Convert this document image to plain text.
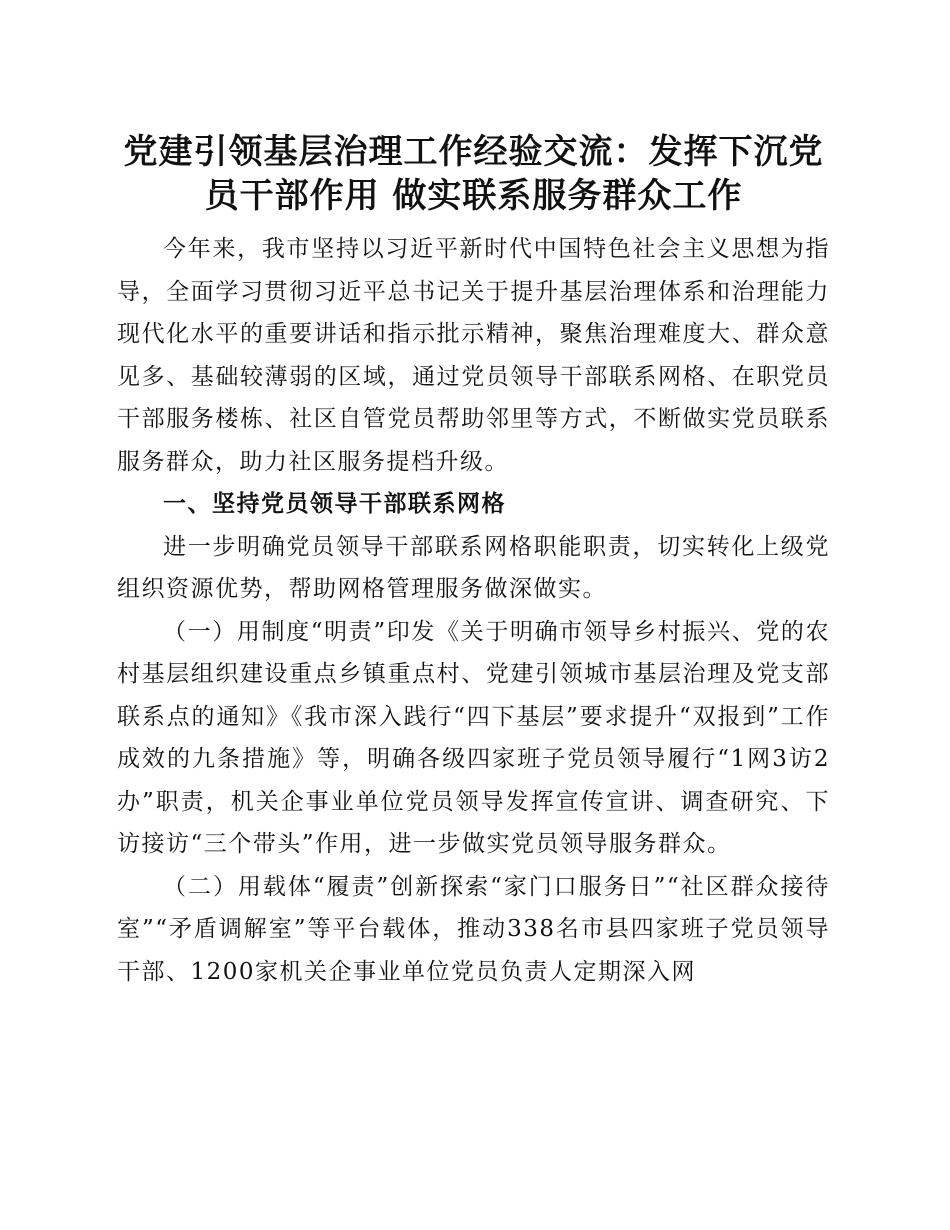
党建引领基层治理工作经验交流：发挥下沉党
员干部作用 做实联系服务群众工作

今年来，我市坚持以习近平新时代中国特色社会主义思想为指导，全面学习贯彻习近平总书记关于提升基层治理体系和治理能力现代化水平的重要讲话和指示批示精神，聚焦治理难度大、群众意见多、基础较薄弱的区域，通过党员领导干部联系网格、在职党员干部服务楼栋、社区自管党员帮助邻里等方式，不断做实党员联系服务群众，助力社区服务提档升级。

一、坚持党员领导干部联系网格

进一步明确党员领导干部联系网格职能职责，切实转化上级党组织资源优势，帮助网格管理服务做深做实。

（一）用制度“明责”印发《关于明确市领导乡村振兴、党的农村基层组织建设重点乡镇重点村、党建引领城市基层治理及党支部联系点的通知》《我市深入践行“四下基层”要求提升“双报到”工作成效的九条措施》等，明确各级四家班子党员领导履行“1网3访2办”职责，机关企事业单位党员领导发挥宣传宣讲、调查研究、下访接访“三个带头”作用，进一步做实党员领导服务群众。

（二）用载体“履责”创新探索“家门口服务日”“社区群众接待室”“矛盾调解室”等平台载体，推动338名市县四家班子党员领导干部、1200家机关企事业单位党员负责人定期深入网
